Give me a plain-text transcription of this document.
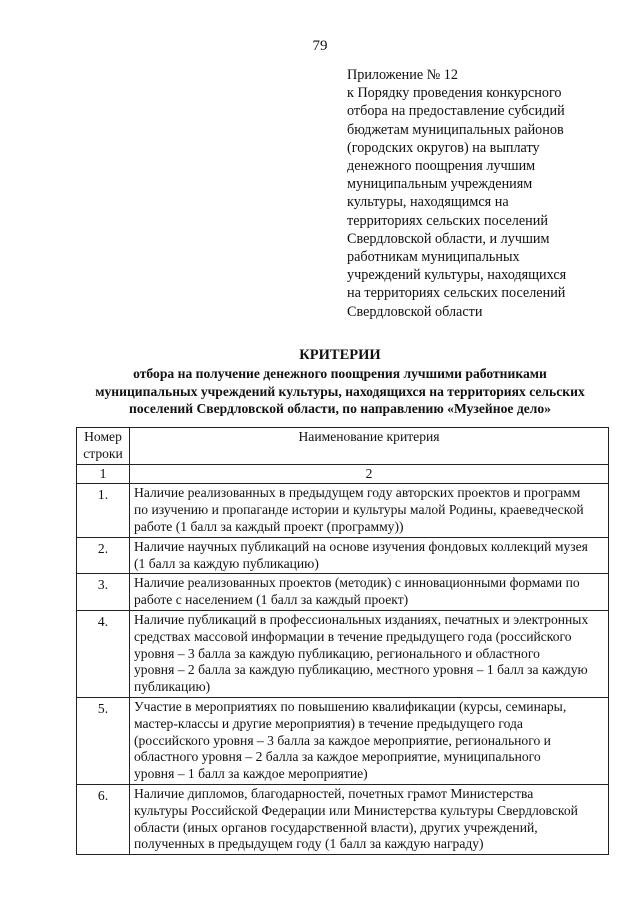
79
Приложение № 12
к Порядку проведения конкурсного
отбора на предоставление субсидий
бюджетам муниципальных районов
(городских округов) на выплату
денежного поощрения лучшим
муниципальным учреждениям
культуры, находящимся на
территориях сельских поселений
Свердловской области, и лучшим
работникам муниципальных
учреждений культуры, находящихся
на территориях сельских поселений
Свердловской области
КРИТЕРИИ
отбора на получение денежного поощрения лучшими работниками
муниципальных учреждений культуры, находящихся на территориях сельских
поселений Свердловской области, по направлению «Музейное дело»
Номер
строки	Наименование критерия
1	2
1.	Наличие реализованных в предыдущем году авторских проектов и программ
по изучению и пропаганде истории и культуры малой Родины, краеведческой
работе (1 балл за каждый проект (программу))

2.	Наличие научных публикаций на основе изучения фондовых коллекций музея
(1 балл за каждую публикацию)

3.	Наличие реализованных проектов (методик) с инновационными формами по
работе с населением (1 балл за каждый проект)

4.	Наличие публикаций в профессиональных изданиях, печатных и электронных
средствах массовой информации в течение предыдущего года (российского
уровня – 3 балла за каждую публикацию, регионального и областного
уровня – 2 балла за каждую публикацию, местного уровня – 1 балл за каждую
публикацию)

5.	Участие в мероприятиях по повышению квалификации (курсы, семинары,
мастер-классы и другие мероприятия) в течение предыдущего года
(российского уровня – 3 балла за каждое мероприятие, регионального и
областного уровня – 2 балла за каждое мероприятие, муниципального
уровня – 1 балл за каждое мероприятие)

6.	Наличие дипломов, благодарностей, почетных грамот Министерства
культуры Российской Федерации или Министерства культуры Свердловской
области (иных органов государственной власти), других учреждений,
полученных в предыдущем году (1 балл за каждую награду)
